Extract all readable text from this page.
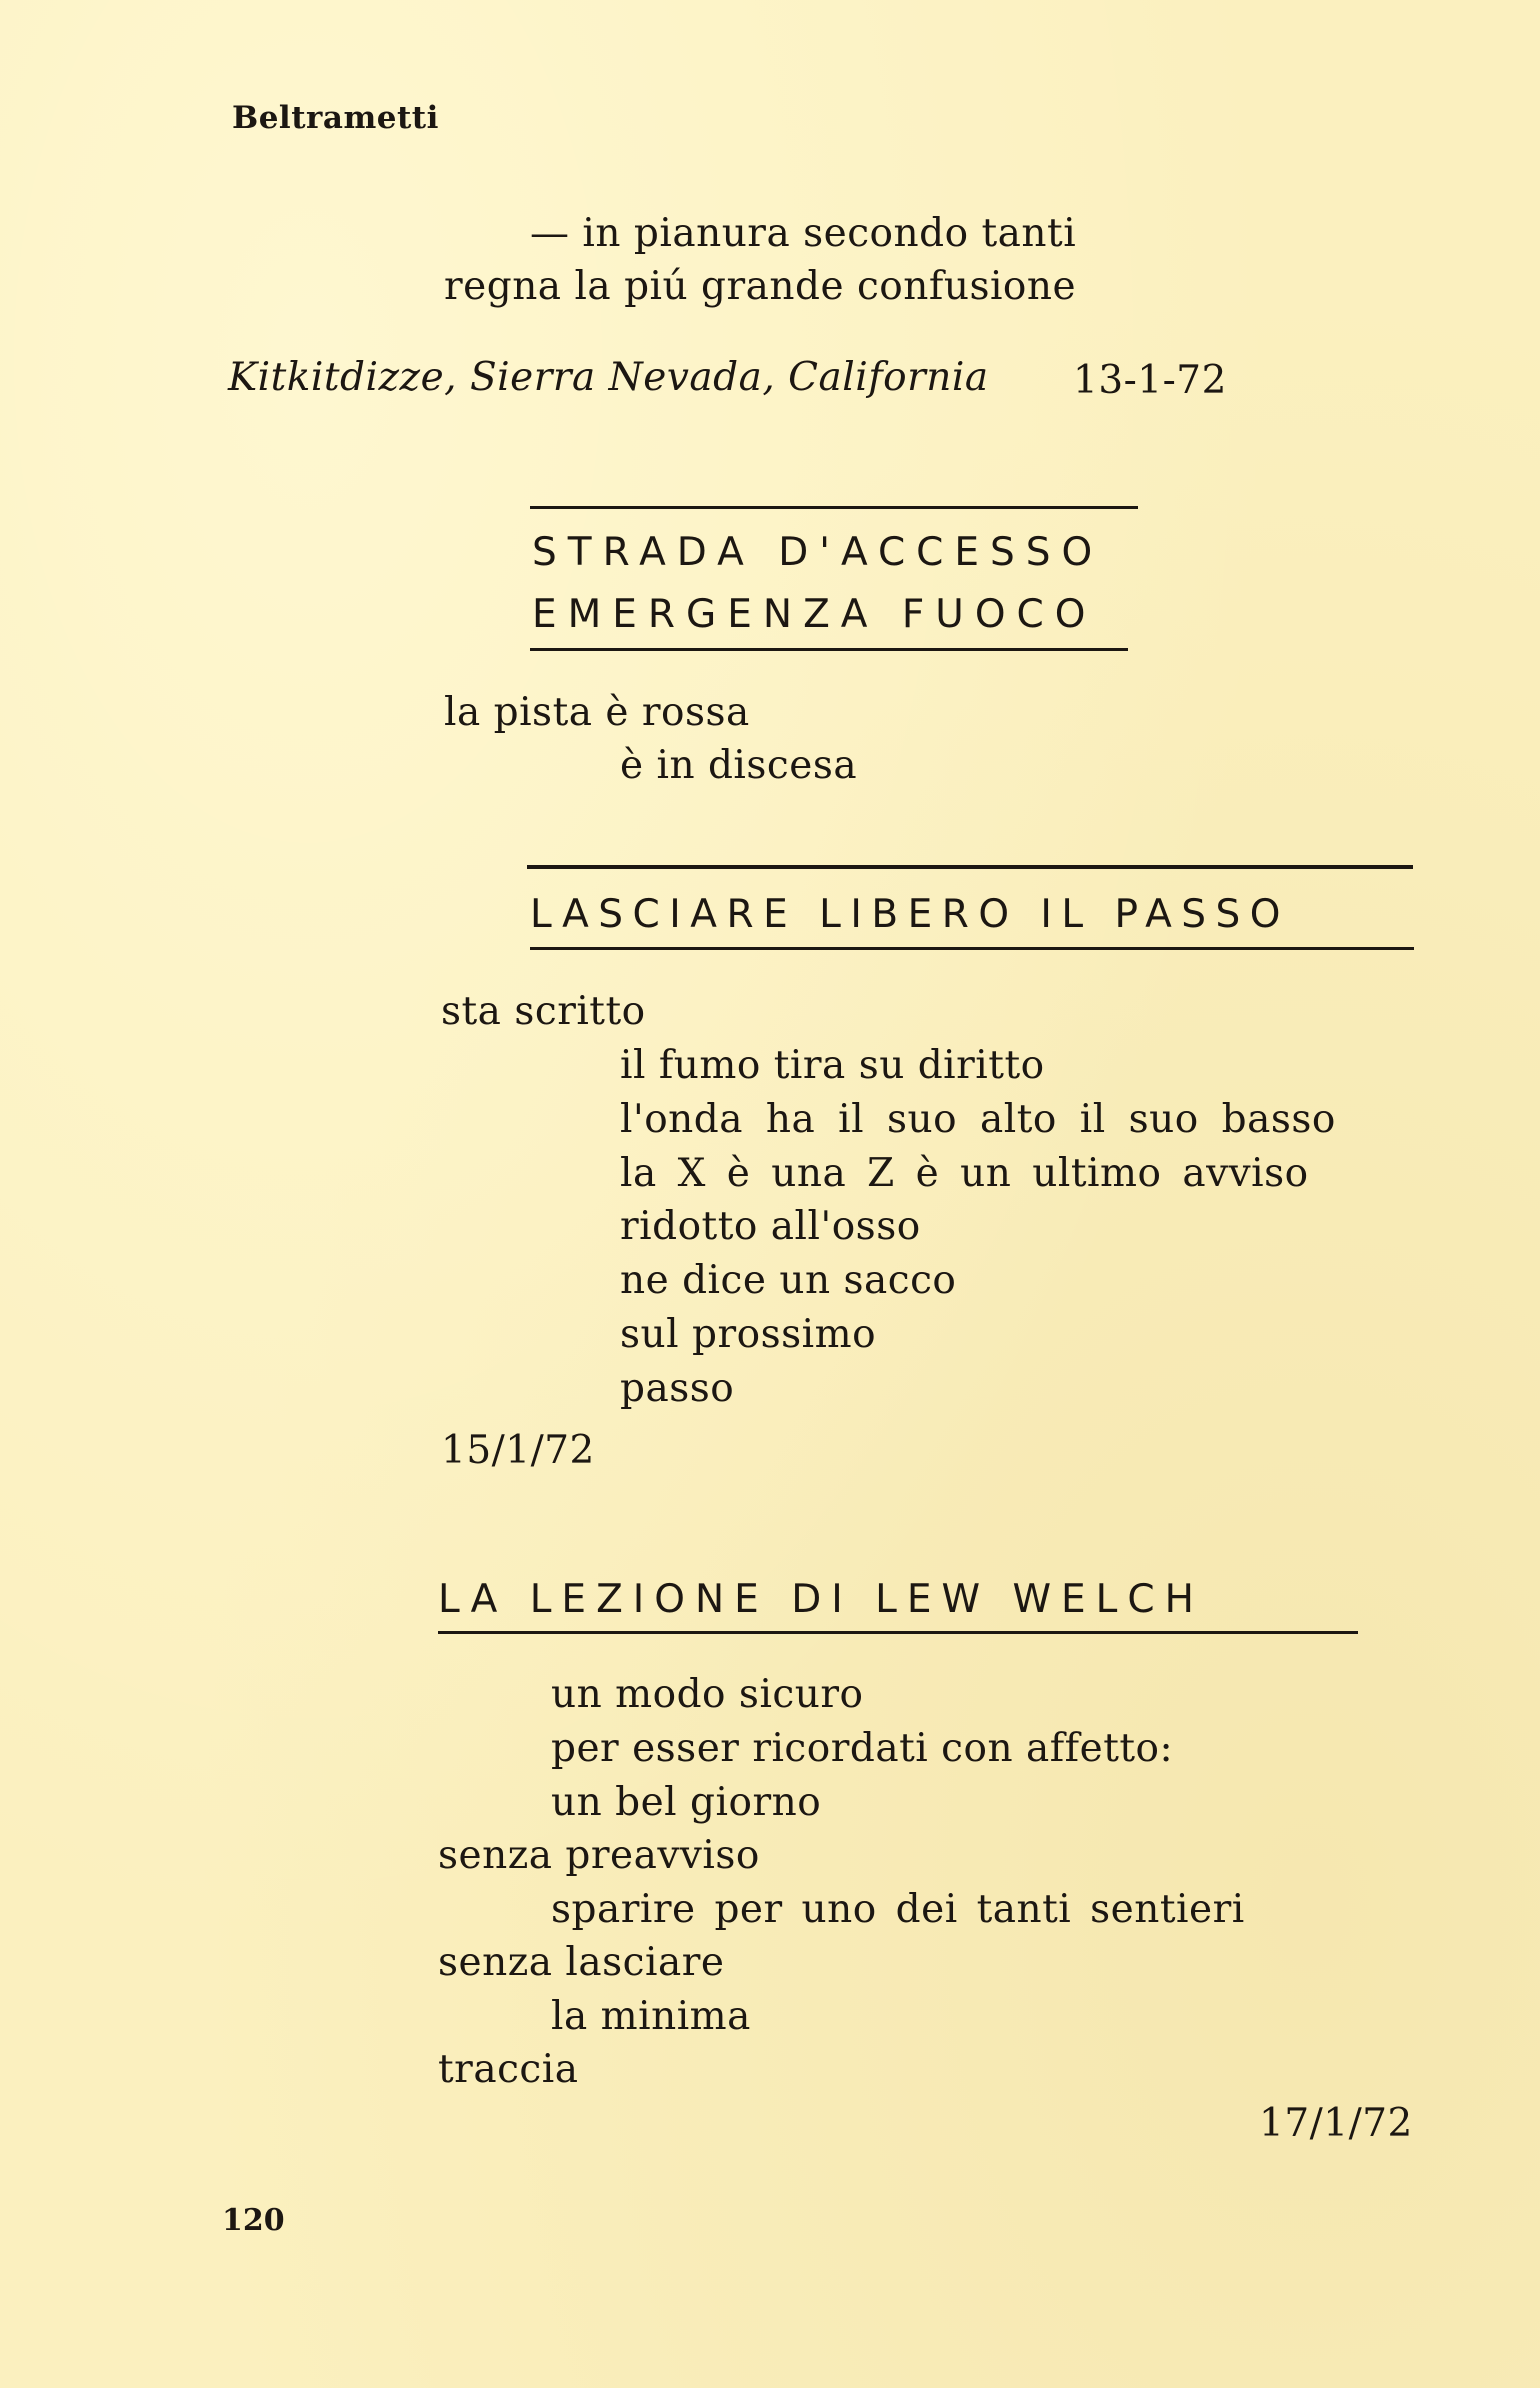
Beltrametti
— in pianura secondo tanti
regna la piú grande confusione
Kitkitdizze, Sierra Nevada, California 13-1-72
STRADA D'ACCESSO
EMERGENZA FUOCO
la pista è rossa
è in discesa
LASCIARE LIBERO IL PASSO
sta scritto
il fumo tira su diritto
l'onda ha il suo alto il suo basso
la X è una Z è un ultimo avviso
ridotto all'osso
ne dice un sacco
sul prossimo
passo
15/1/72
LA LEZIONE DI LEW WELCH
un modo sicuro
per esser ricordati con affetto:
un bel giorno
senza preavviso
sparire per uno dei tanti sentieri
senza lasciare
la minima
traccia
17/1/72
120
